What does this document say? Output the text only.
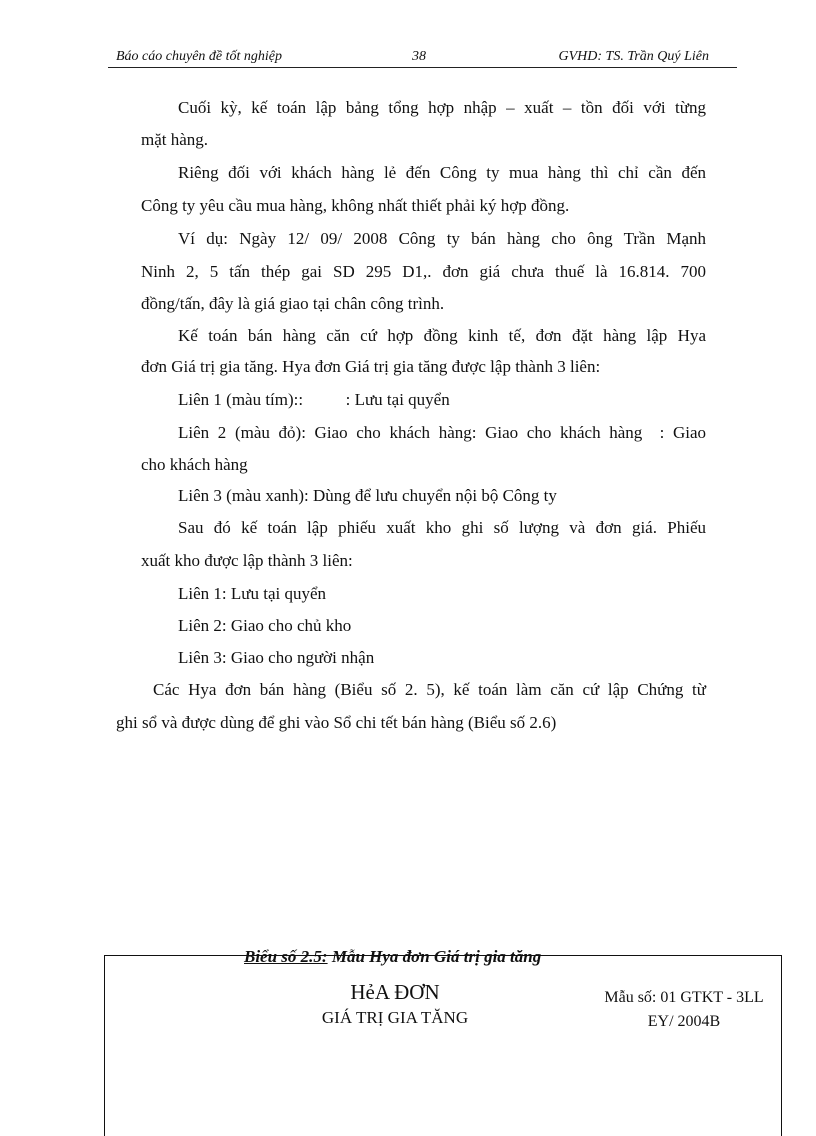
Báo cáo chuyên đề tốt nghiệp	38	GVHD: TS. Trần Quý Liên
Cuối kỳ, kế toán lập bảng tổng hợp nhập – xuất – tồn đối với từng
mặt hàng.
Riêng đối với khách hàng lẻ đến Công ty mua hàng thì chỉ cần đến
Công ty yêu cầu mua hàng, không nhất thiết phải ký hợp đồng.
Ví dụ: Ngày 12/ 09/ 2008 Công ty bán hàng cho ông Trần Mạnh
Ninh 2, 5 tấn thép gai SD 295 D1,. đơn giá chưa thuế là 16.814. 700
đồng/tấn, đây là giá giao tại chân công trình.
Kế toán bán hàng căn cứ hợp đồng kinh tế, đơn đặt hàng lập Hya
đơn Giá trị gia tăng. Hya đơn Giá trị gia tăng được lập thành 3 liên:
Liên 1 (màu tím)::          : Lưu tại quyển
Liên 2 (màu đỏ): Giao cho khách hàng: Giao cho khách hàng  : Giao
cho khách hàng
Liên 3 (màu xanh): Dùng để lưu chuyển nội bộ Công ty
Sau đó kế toán lập phiếu xuất kho ghi số lượng và đơn giá. Phiếu
xuất kho được lập thành 3 liên:
Liên 1: Lưu tại quyển
Liên 2: Giao cho chủ kho
Liên 3: Giao cho người nhận
Các Hya đơn bán hàng (Biểu số 2. 5), kế toán làm căn cứ lập Chứng từ
ghi sổ và được dùng để ghi vào Sổ chi tết bán hàng (Biểu số 2.6)
HẻA ĐƠN
GIÁ TRỊ GIA TĂNG
Mẫu số: 01 GTKT - 3LL
EY/ 2004B
Biểu số 2.5: Mẫu Hya đơn Giá trị gia tăng
